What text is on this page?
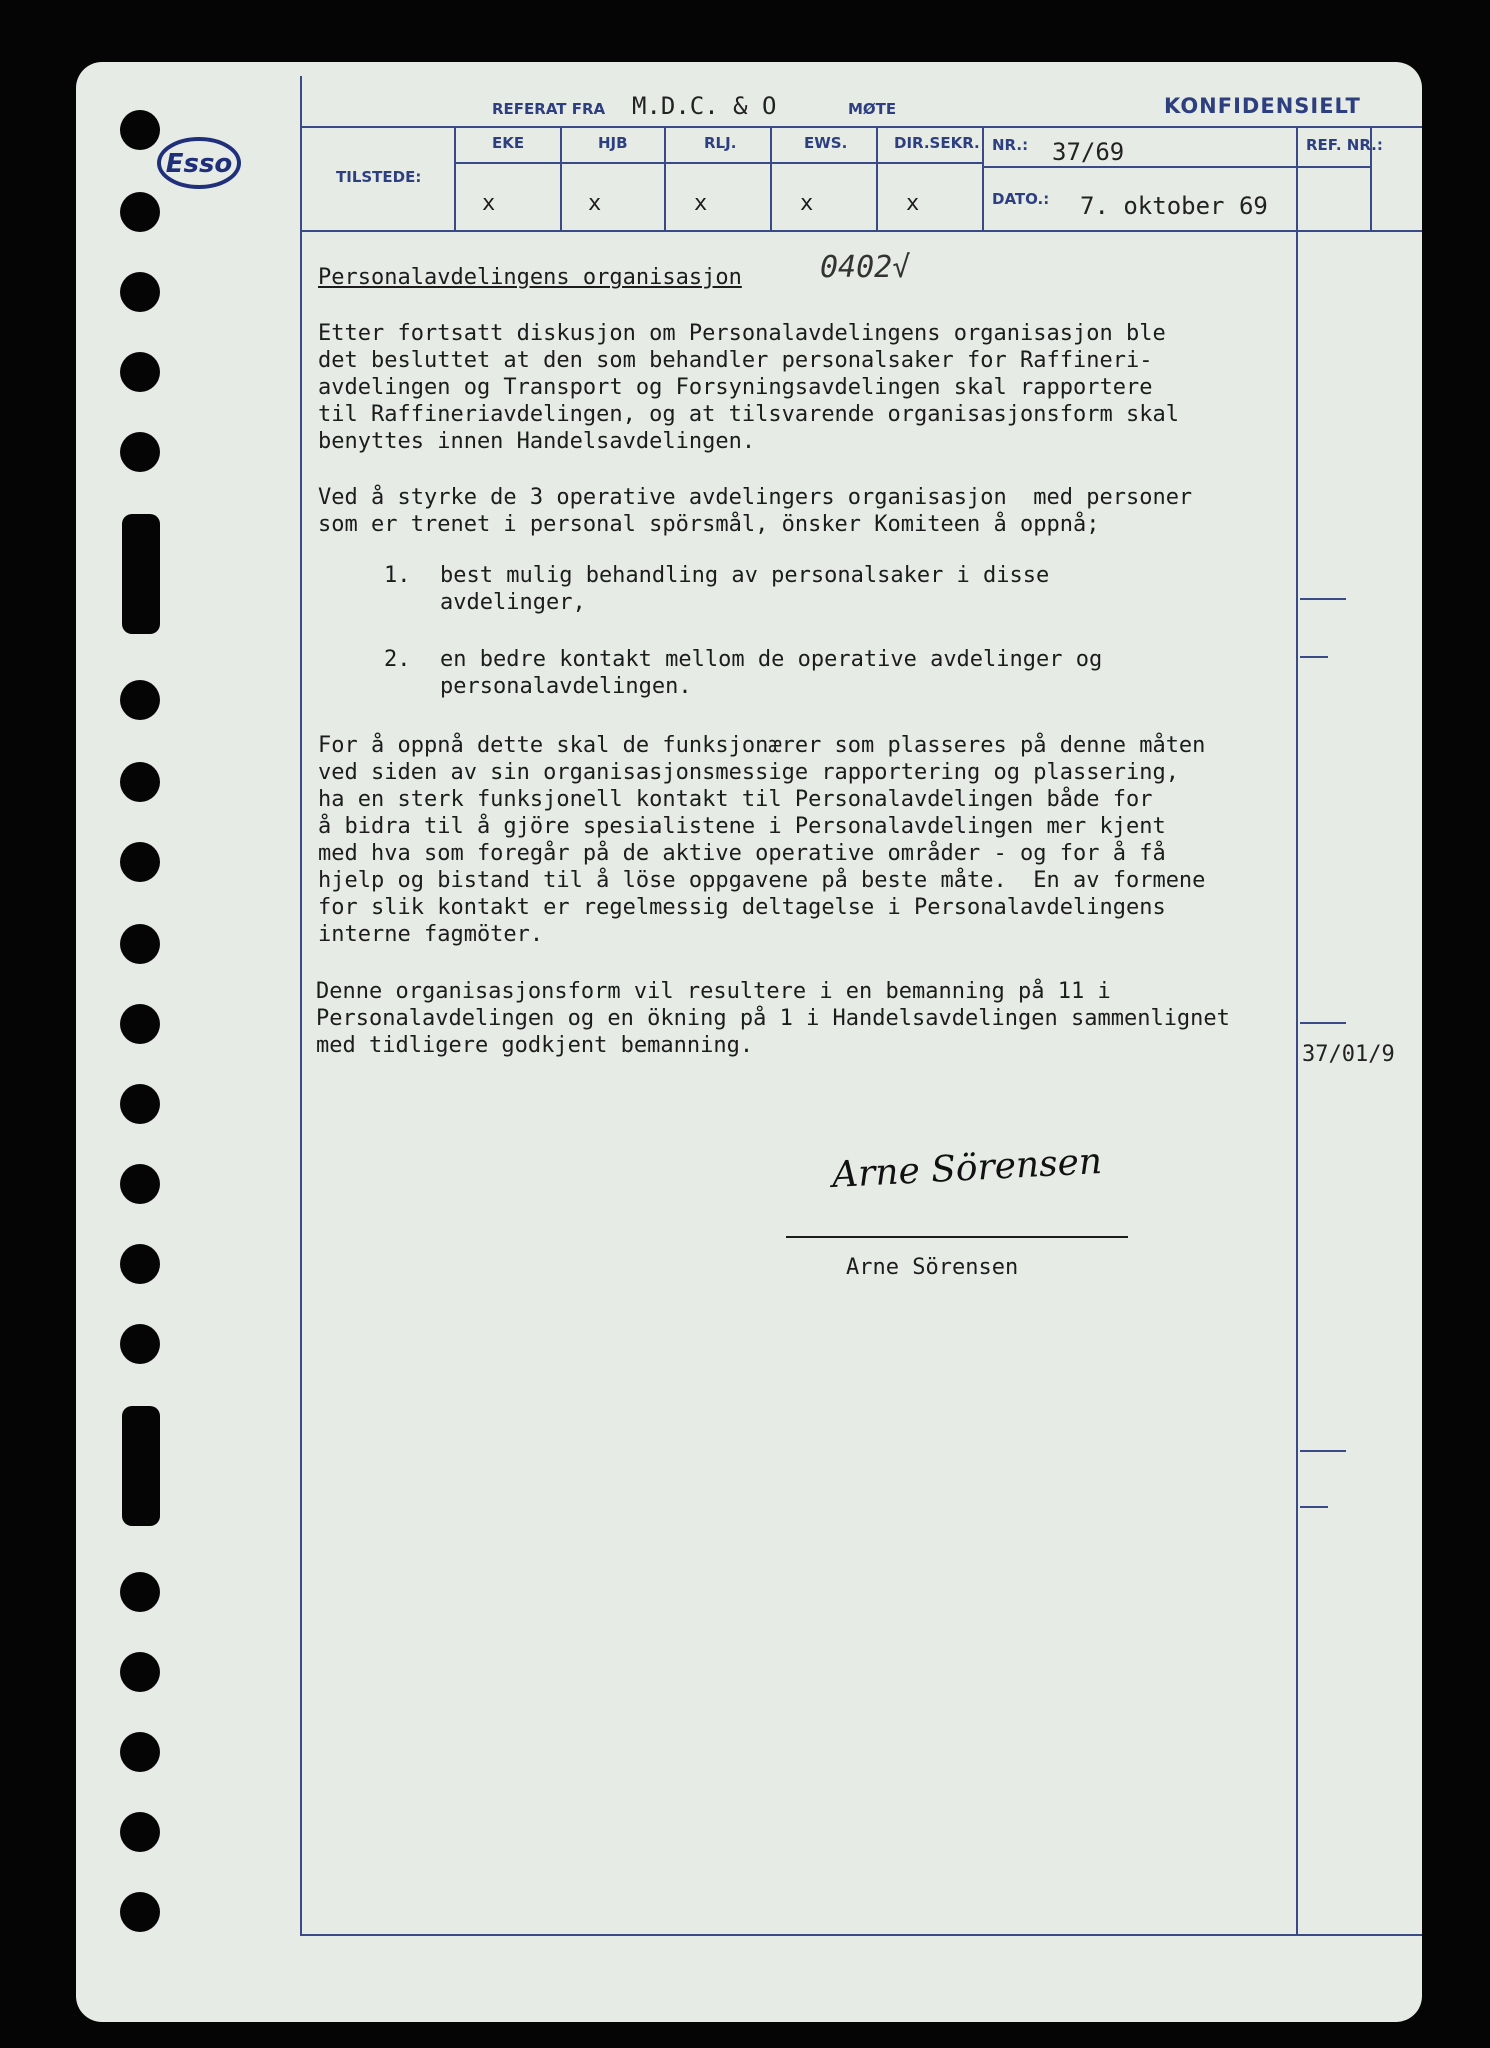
Esso
REFERAT FRA M.D.C. & O	MØTE	KONFIDENSIELT
TILSTEDE:
EKE	HJB	RLJ.	EWS.	DIR.SEKR.
x	x	x	x	x
NR.: 37/69
DATO.: 7. oktober 69
REF. NR.:
Personalavdelingens organisasjon	0402√
Etter fortsatt diskusjon om Personalavdelingens organisasjon ble
det besluttet at den som behandler personalsaker for Raffineri-
avdelingen og Transport og Forsyningsavdelingen skal rapportere
til Raffineriavdelingen, og at tilsvarende organisasjonsform skal
benyttes innen Handelsavdelingen.
Ved å styrke de 3 operative avdelingers organisasjon  med personer
som er trenet i personal spörsmål, önsker Komiteen å oppnå;
1. best mulig behandling av personalsaker i disse
avdelinger,
2. en bedre kontakt mellom de operative avdelinger og
personalavdelingen.
For å oppnå dette skal de funksjonærer som plasseres på denne måten
ved siden av sin organisasjonsmessige rapportering og plassering,
ha en sterk funksjonell kontakt til Personalavdelingen både for
å bidra til å gjöre spesialistene i Personalavdelingen mer kjent
med hva som foregår på de aktive operative områder - og for å få
hjelp og bistand til å löse oppgavene på beste måte.  En av formene
for slik kontakt er regelmessig deltagelse i Personalavdelingens
interne fagmöter.
Denne organisasjonsform vil resultere i en bemanning på 11 i
Personalavdelingen og en ökning på 1 i Handelsavdelingen sammenlignet
med tidligere godkjent bemanning.	37/01/9
Arne Sörensen
Arne Sörensen
